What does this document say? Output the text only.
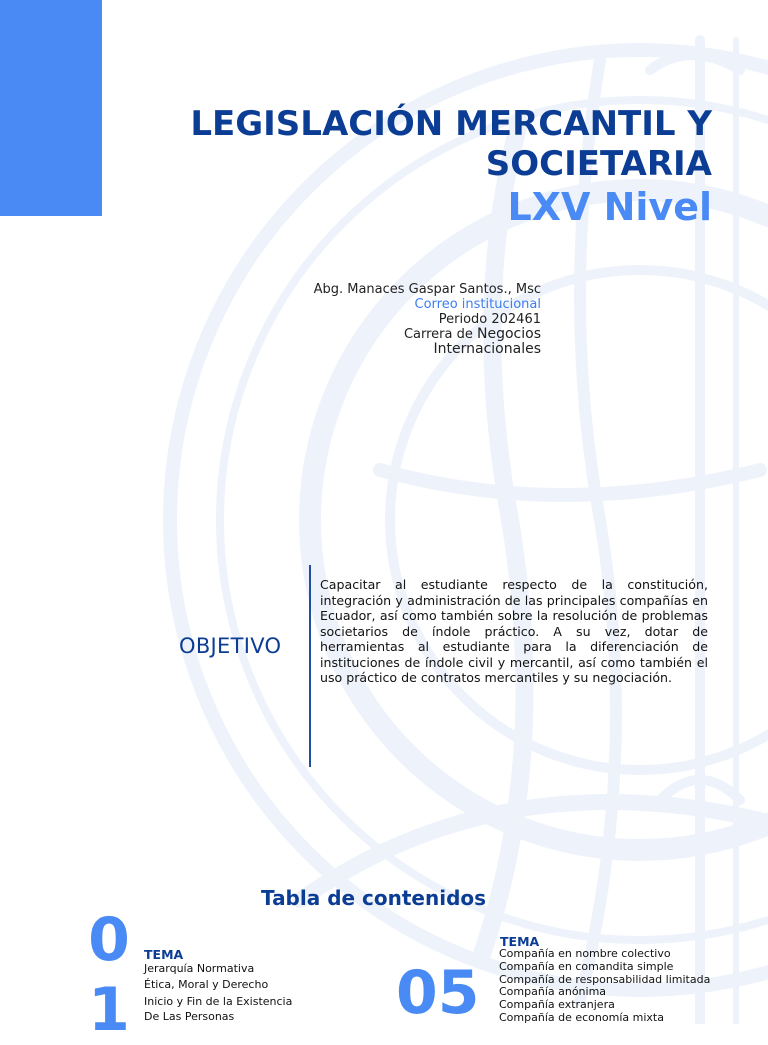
LEGISLACIÓN MERCANTIL Y
SOCIETARIA
LXV Nivel
Abg. Manaces Gaspar Santos., Msc
Correo institucional
Periodo 202461
Carrera de Negocios
Internacionales
OBJETIVO
Capacitar al estudiante respecto de la constitución, integración y administración de las principales compañías en Ecuador, así como también sobre la resolución de problemas societarios de índole práctico. A su vez, dotar de herramientas al estudiante para la diferenciación de instituciones de índole civil y mercantil, así como también el uso práctico de contratos mercantiles y su negociación.
Tabla de contenidos
0
1
TEMA
Jerarquía Normativa
Ética, Moral y Derecho
Inicio y Fin de la Existencia
De Las Personas	05
TEMA
Compañía en nombre colectivo
Compañía en comandita simple
Compañía de responsabilidad limitada
Compañía anónima
Compañía extranjera
Compañía de economía mixta
